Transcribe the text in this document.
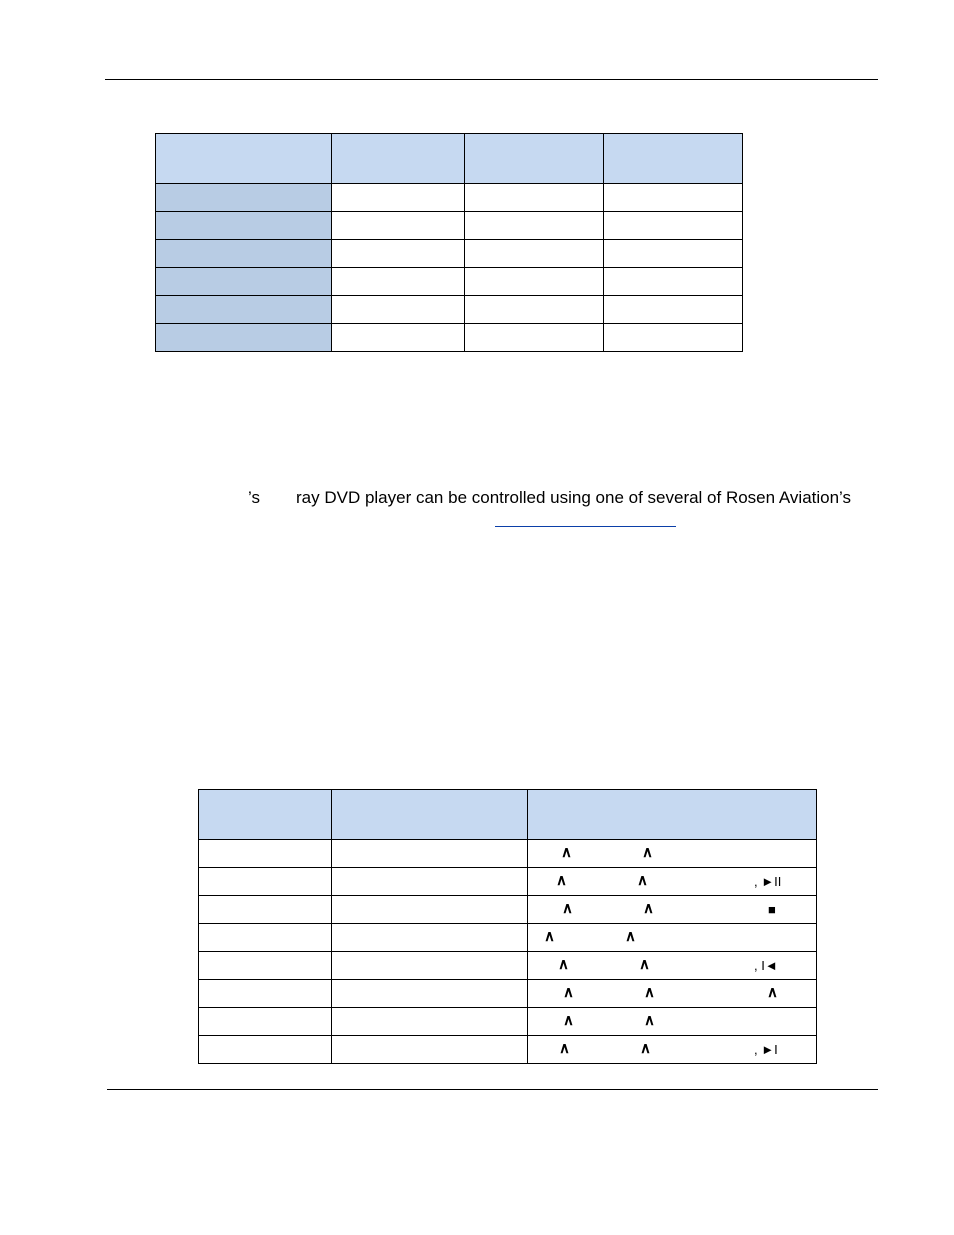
’s ray DVD player can be controlled using one of several of Rosen Aviation’s

		∧ ∧

		∧ ∧ , ►II

		∧ ∧ ■

		∧ ∧

		∧ ∧ , I◄

		∧ ∧ ∧

		∧ ∧

		∧ ∧ , ►I
